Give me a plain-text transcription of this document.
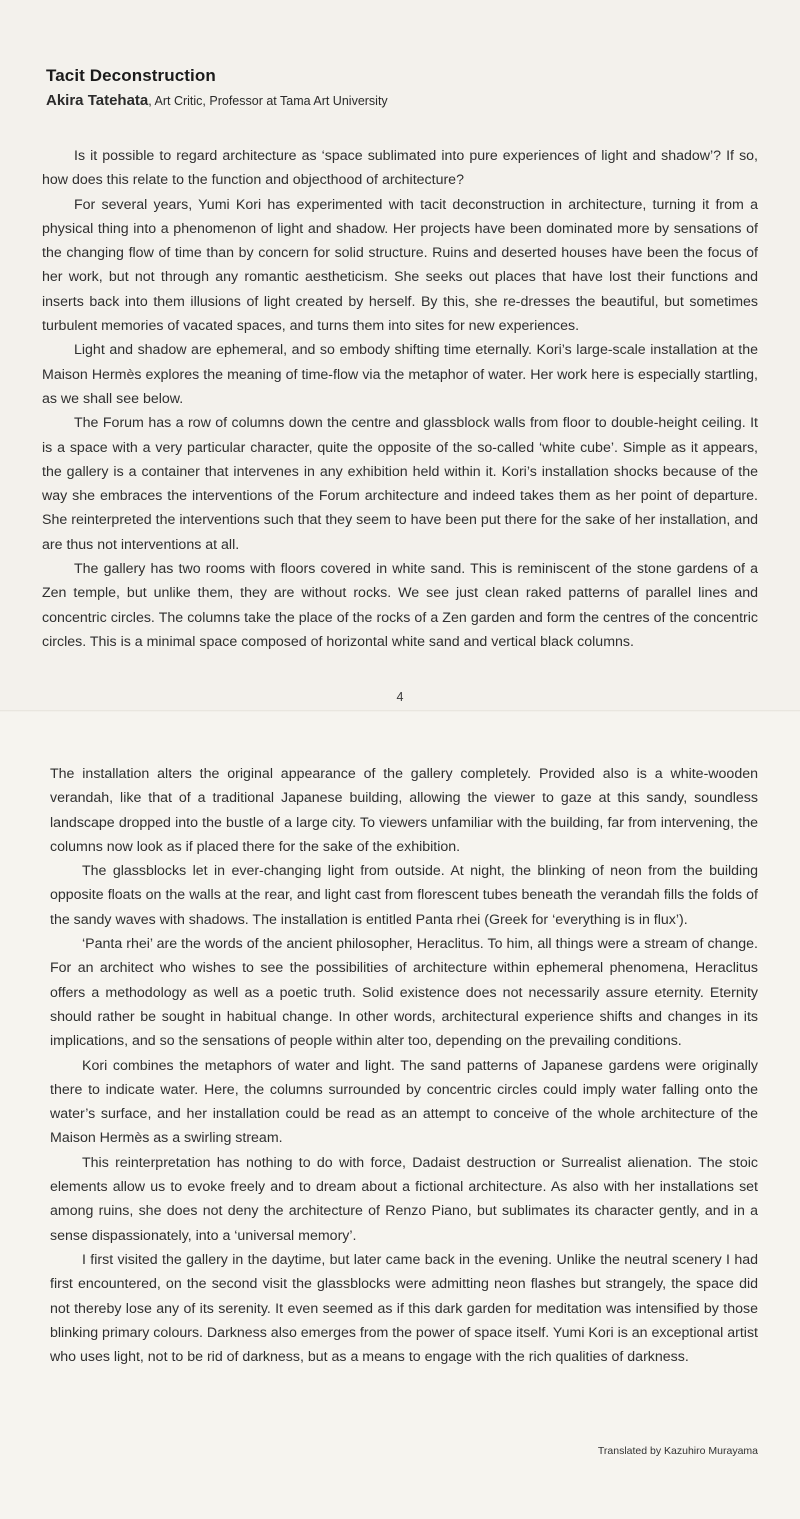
Tacit Deconstruction

Akira Tatehata, Art Critic, Professor at Tama Art University

Is it possible to regard architecture as ‘space sublimated into pure experiences of light and shadow’? If so, how does this relate to the function and objecthood of architecture?

For several years, Yumi Kori has experimented with tacit deconstruction in architecture, turning it from a physical thing into a phenomenon of light and shadow. Her projects have been dominated more by sensations of the changing flow of time than by concern for solid structure. Ruins and deserted houses have been the focus of her work, but not through any romantic aestheticism. She seeks out places that have lost their functions and inserts back into them illusions of light created by herself. By this, she re-dresses the beautiful, but sometimes turbulent memories of vacated spaces, and turns them into sites for new experiences.

Light and shadow are ephemeral, and so embody shifting time eternally. Kori’s large-scale installation at the Maison Hermès explores the meaning of time-flow via the metaphor of water. Her work here is especially startling, as we shall see below.

The Forum has a row of columns down the centre and glassblock walls from floor to double-height ceiling. It is a space with a very particular character, quite the opposite of the so-called ‘white cube’. Simple as it appears, the gallery is a container that intervenes in any exhibition held within it. Kori’s installation shocks because of the way she embraces the interventions of the Forum architecture and indeed takes them as her point of departure. She reinterpreted the interventions such that they seem to have been put there for the sake of her installation, and are thus not interventions at all.

The gallery has two rooms with floors covered in white sand. This is reminiscent of the stone gardens of a Zen temple, but unlike them, they are without rocks. We see just clean raked patterns of parallel lines and concentric circles. The columns take the place of the rocks of a Zen garden and form the centres of the concentric circles. This is a minimal space composed of horizontal white sand and vertical black columns.

4

The installation alters the original appearance of the gallery completely. Provided also is a white-wooden verandah, like that of a traditional Japanese building, allowing the viewer to gaze at this sandy, soundless landscape dropped into the bustle of a large city. To viewers unfamiliar with the building, far from intervening, the columns now look as if placed there for the sake of the exhibition.

The glassblocks let in ever-changing light from outside. At night, the blinking of neon from the building opposite floats on the walls at the rear, and light cast from florescent tubes beneath the verandah fills the folds of the sandy waves with shadows. The installation is entitled Panta rhei (Greek for ‘everything is in flux’).

‘Panta rhei’ are the words of the ancient philosopher, Heraclitus. To him, all things were a stream of change. For an architect who wishes to see the possibilities of architecture within ephemeral phenomena, Heraclitus offers a methodology as well as a poetic truth. Solid existence does not necessarily assure eternity. Eternity should rather be sought in habitual change. In other words, architectural experience shifts and changes in its implications, and so the sensations of people within alter too, depending on the prevailing conditions.

Kori combines the metaphors of water and light. The sand patterns of Japanese gardens were originally there to indicate water. Here, the columns surrounded by concentric circles could imply water falling onto the water’s surface, and her installation could be read as an attempt to conceive of the whole architecture of the Maison Hermès as a swirling stream.

This reinterpretation has nothing to do with force, Dadaist destruction or Surrealist alienation. The stoic elements allow us to evoke freely and to dream about a fictional architecture. As also with her installations set among ruins, she does not deny the architecture of Renzo Piano, but sublimates its character gently, and in a sense dispassionately, into a ‘universal memory’.

I first visited the gallery in the daytime, but later came back in the evening. Unlike the neutral scenery I had first encountered, on the second visit the glassblocks were admitting neon flashes but strangely, the space did not thereby lose any of its serenity. It even seemed as if this dark garden for meditation was intensified by those blinking primary colours. Darkness also emerges from the power of space itself. Yumi Kori is an exceptional artist who uses light, not to be rid of darkness, but as a means to engage with the rich qualities of darkness.

Translated by Kazuhiro Murayama
